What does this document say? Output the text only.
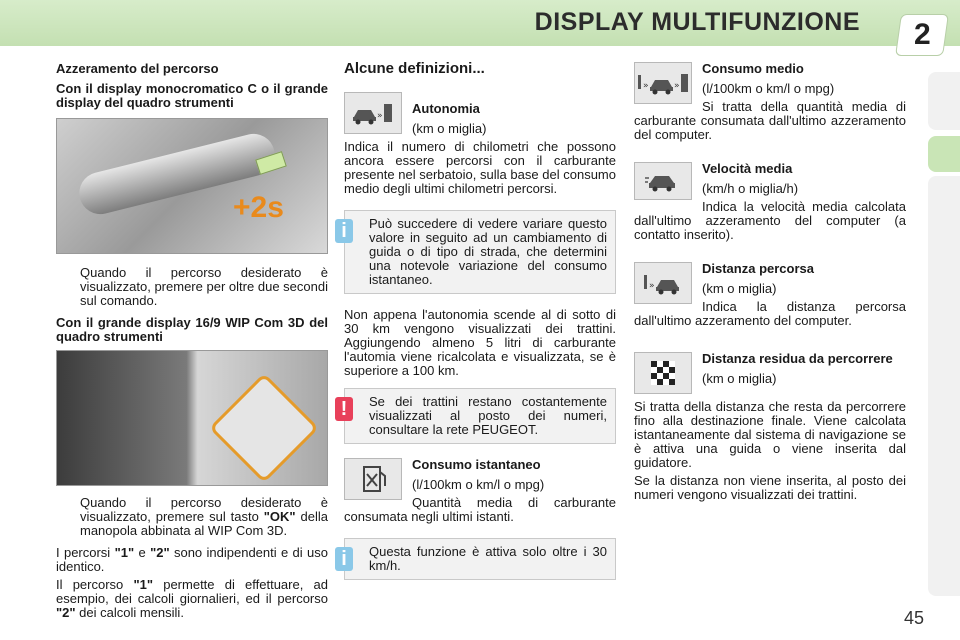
DISPLAY MULTIFUNZIONE 2

Azzeramento del percorso

Con il display monocromatico C o il grande display del quadro strumenti

+2s
Quando il percorso desiderato è visualizzato, premere per oltre due secondi sul comando.

Con il grande display 16/9 WIP Com 3D del quadro strumenti

Quando il percorso desiderato è visualizzato, premere sul tasto "OK" della manopola abbinata al WIP Com 3D.

I percorsi "1" e "2" sono indipendenti e di uso identico.

Il percorso "1" permette di effettuare, ad esempio, dei calcoli giornalieri, ed il percorso "2" dei calcoli mensili.

Alcune definizioni...

»	Autonomia

(km o miglia)

Indica il numero di chilometri che possono ancora essere percorsi con il carburante presente nel serbatoio, sulla base del consumo medio degli ultimi chilometri percorsi.

i	Può succedere di vedere variare questo valore in seguito ad un cambiamento di guida o di tipo di strada, che determini una notevole variazione del consumo istantaneo.

Non appena l'autonomia scende al di sotto di 30 km vengono visualizzati dei trattini. Aggiungendo almeno 5 litri di carburante l'automia viene ricalcolata e visualizzata, se è superiore a 100 km.

!	Se dei trattini restano costantemente visualizzati al posto dei numeri, consultare la rete PEUGEOT.
Consumo istantaneo

(l/100km o km/l o mpg)

Quantità media di carburante consumata negli ultimi istanti.

i	Questa funzione è attiva solo oltre i 30 km/h.
»	»
Consumo medio

(l/100km o km/l o mpg)

Si tratta della quantità media di carburante consumata dall'ultimo azzeramento del computer.

Velocità media

(km/h o miglia/h)

Indica la velocità media calcolata dall'ultimo azzeramento del computer (a contatto inserito).

»
Distanza percorsa

(km o miglia)

Indica la distanza percorsa dall'ultimo azzeramento del computer.

Distanza residua da percorrere

(km o miglia)

Si tratta della distanza che resta da percorrere fino alla destinazione finale. Viene calcolata istantaneamente dal sistema di navigazione se è attiva una guida o viene inserita dal guidatore.

Se la distanza non viene inserita, al posto dei numeri vengono visualizzati dei trattini.

45
